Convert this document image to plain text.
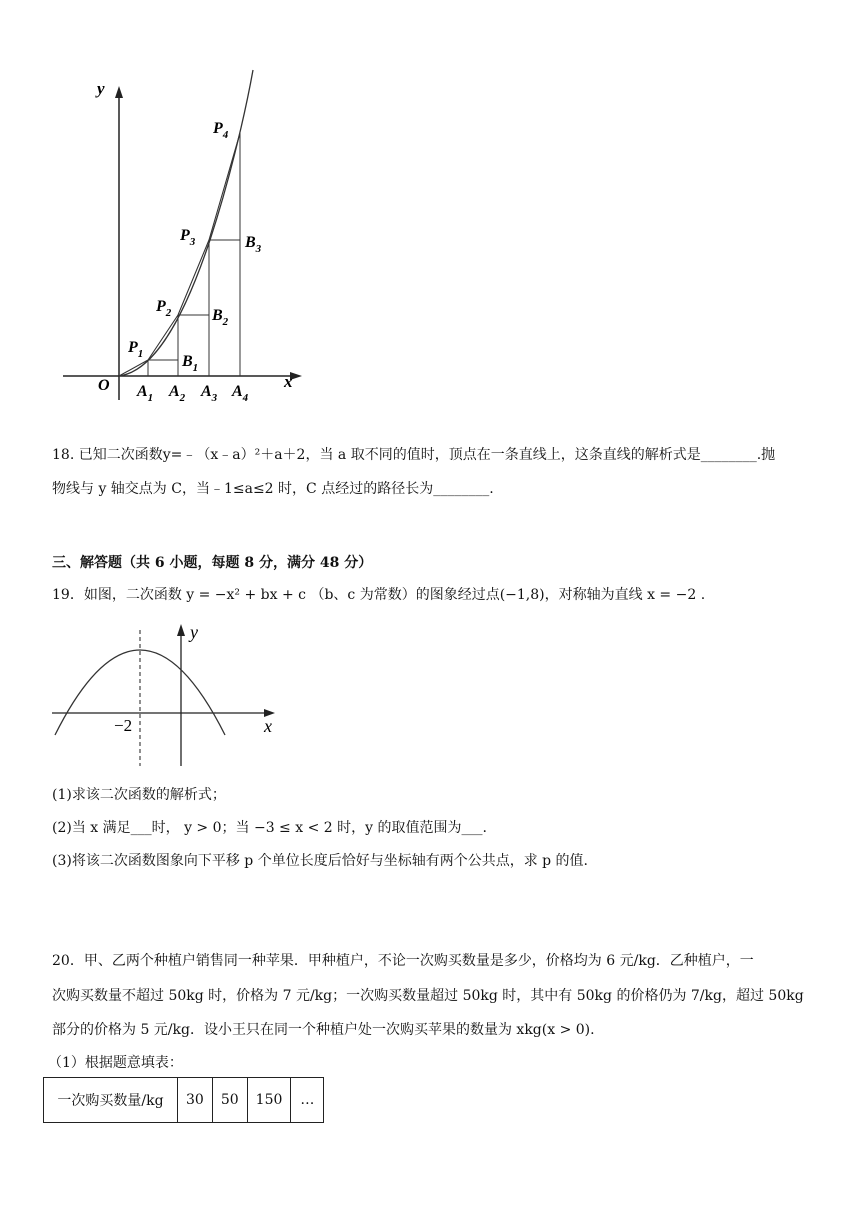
y
x
O
$P_4$
$P_3$
$P_2$
$P_1$
$B_3$
$B_2$
$B_1$
$A_1$ $A_2$ $A_3$ $A_4$
18. 已知二次函数y=﹣（x﹣a）²＋a＋2，当 a 取不同的值时，顶点在一条直线上，这条直线的解析式是________.抛
物线与 y 轴交点为 C，当﹣1≤a≤2 时，C 点经过的路径长为________.
三、解答题（共 6 小题，每题 8 分，满分 48 分）
19．如图，二次函数 y = −x² + bx + c （b、c 为常数）的图象经过点(−1,8)，对称轴为直线 x = −2 .
y
x
−2
(1)求该二次函数的解析式；
(2)当 x 满足___时， y > 0；当 −3 ≤ x < 2 时，y 的取值范围为___.
(3)将该二次函数图象向下平移 p 个单位长度后恰好与坐标轴有两个公共点，求 p 的值.
20．甲、乙两个种植户销售同一种苹果．甲种植户，不论一次购买数量是多少，价格均为 6 元/kg．乙种植户，一
次购买数量不超过 50kg 时，价格为 7 元/kg；一次购买数量超过 50kg 时，其中有 50kg 的价格仍为 7/kg，超过 50kg
部分的价格为 5 元/kg．设小王只在同一个种植户处一次购买苹果的数量为 xkg(x > 0).
（1）根据题意填表：
一次购买数量/kg	30	50	150	…
